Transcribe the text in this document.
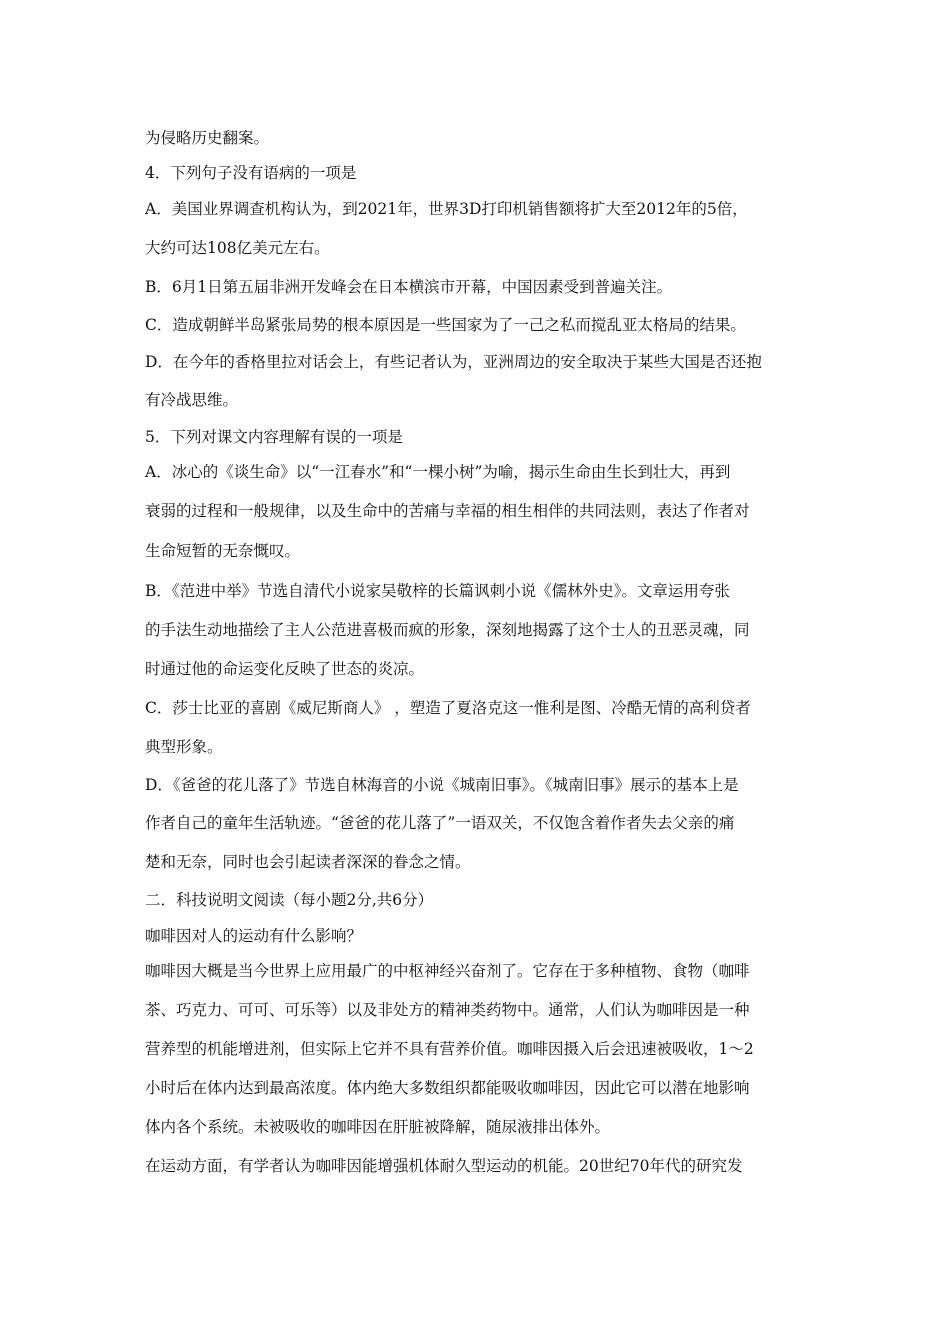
为侵略历史翻案。
4．下列句子没有语病的一项是
A．美国业界调查机构认为，到2021年，世界3D打印机销售额将扩大至2012年的5倍，
大约可达108亿美元左右。
B．6月1日第五届非洲开发峰会在日本横滨市开幕，中国因素受到普遍关注。
C．造成朝鲜半岛紧张局势的根本原因是一些国家为了一己之私而搅乱亚太格局的结果。
D．在今年的香格里拉对话会上，有些记者认为，亚洲周边的安全取决于某些大国是否还抱
有冷战思维。
5．下列对课文内容理解有误的一项是
A．冰心的《谈生命》以“一江春水”和“一棵小树”为喻，揭示生命由生长到壮大，再到
衰弱的过程和一般规律，以及生命中的苦痛与幸福的相生相伴的共同法则，表达了作者对
生命短暂的无奈慨叹。
B．《范进中举》节选自清代小说家吴敬梓的长篇讽刺小说《儒林外史》。文章运用夸张
的手法生动地描绘了主人公范进喜极而疯的形象，深刻地揭露了这个士人的丑恶灵魂，同
时通过他的命运变化反映了世态的炎凉。
C．莎士比亚的喜剧《威尼斯商人》 ，塑造了夏洛克这一惟利是图、冷酷无情的高利贷者
典型形象。
D．《爸爸的花儿落了》节选自林海音的小说《城南旧事》。《城南旧事》展示的基本上是
作者自己的童年生活轨迹。“爸爸的花儿落了”一语双关，不仅饱含着作者失去父亲的痛
楚和无奈，同时也会引起读者深深的眷念之情。
二．科技说明文阅读（每小题2分,共6分）
咖啡因对人的运动有什么影响？
咖啡因大概是当今世界上应用最广的中枢神经兴奋剂了。它存在于多种植物、食物（咖啡
茶、巧克力、可可、可乐等）以及非处方的精神类药物中。通常，人们认为咖啡因是一种
营养型的机能增进剂，但实际上它并不具有营养价值。咖啡因摄入后会迅速被吸收，1～2
小时后在体内达到最高浓度。体内绝大多数组织都能吸收咖啡因，因此它可以潜在地影响
体内各个系统。未被吸收的咖啡因在肝脏被降解，随尿液排出体外。
在运动方面，有学者认为咖啡因能增强机体耐久型运动的机能。20世纪70年代的研究发
